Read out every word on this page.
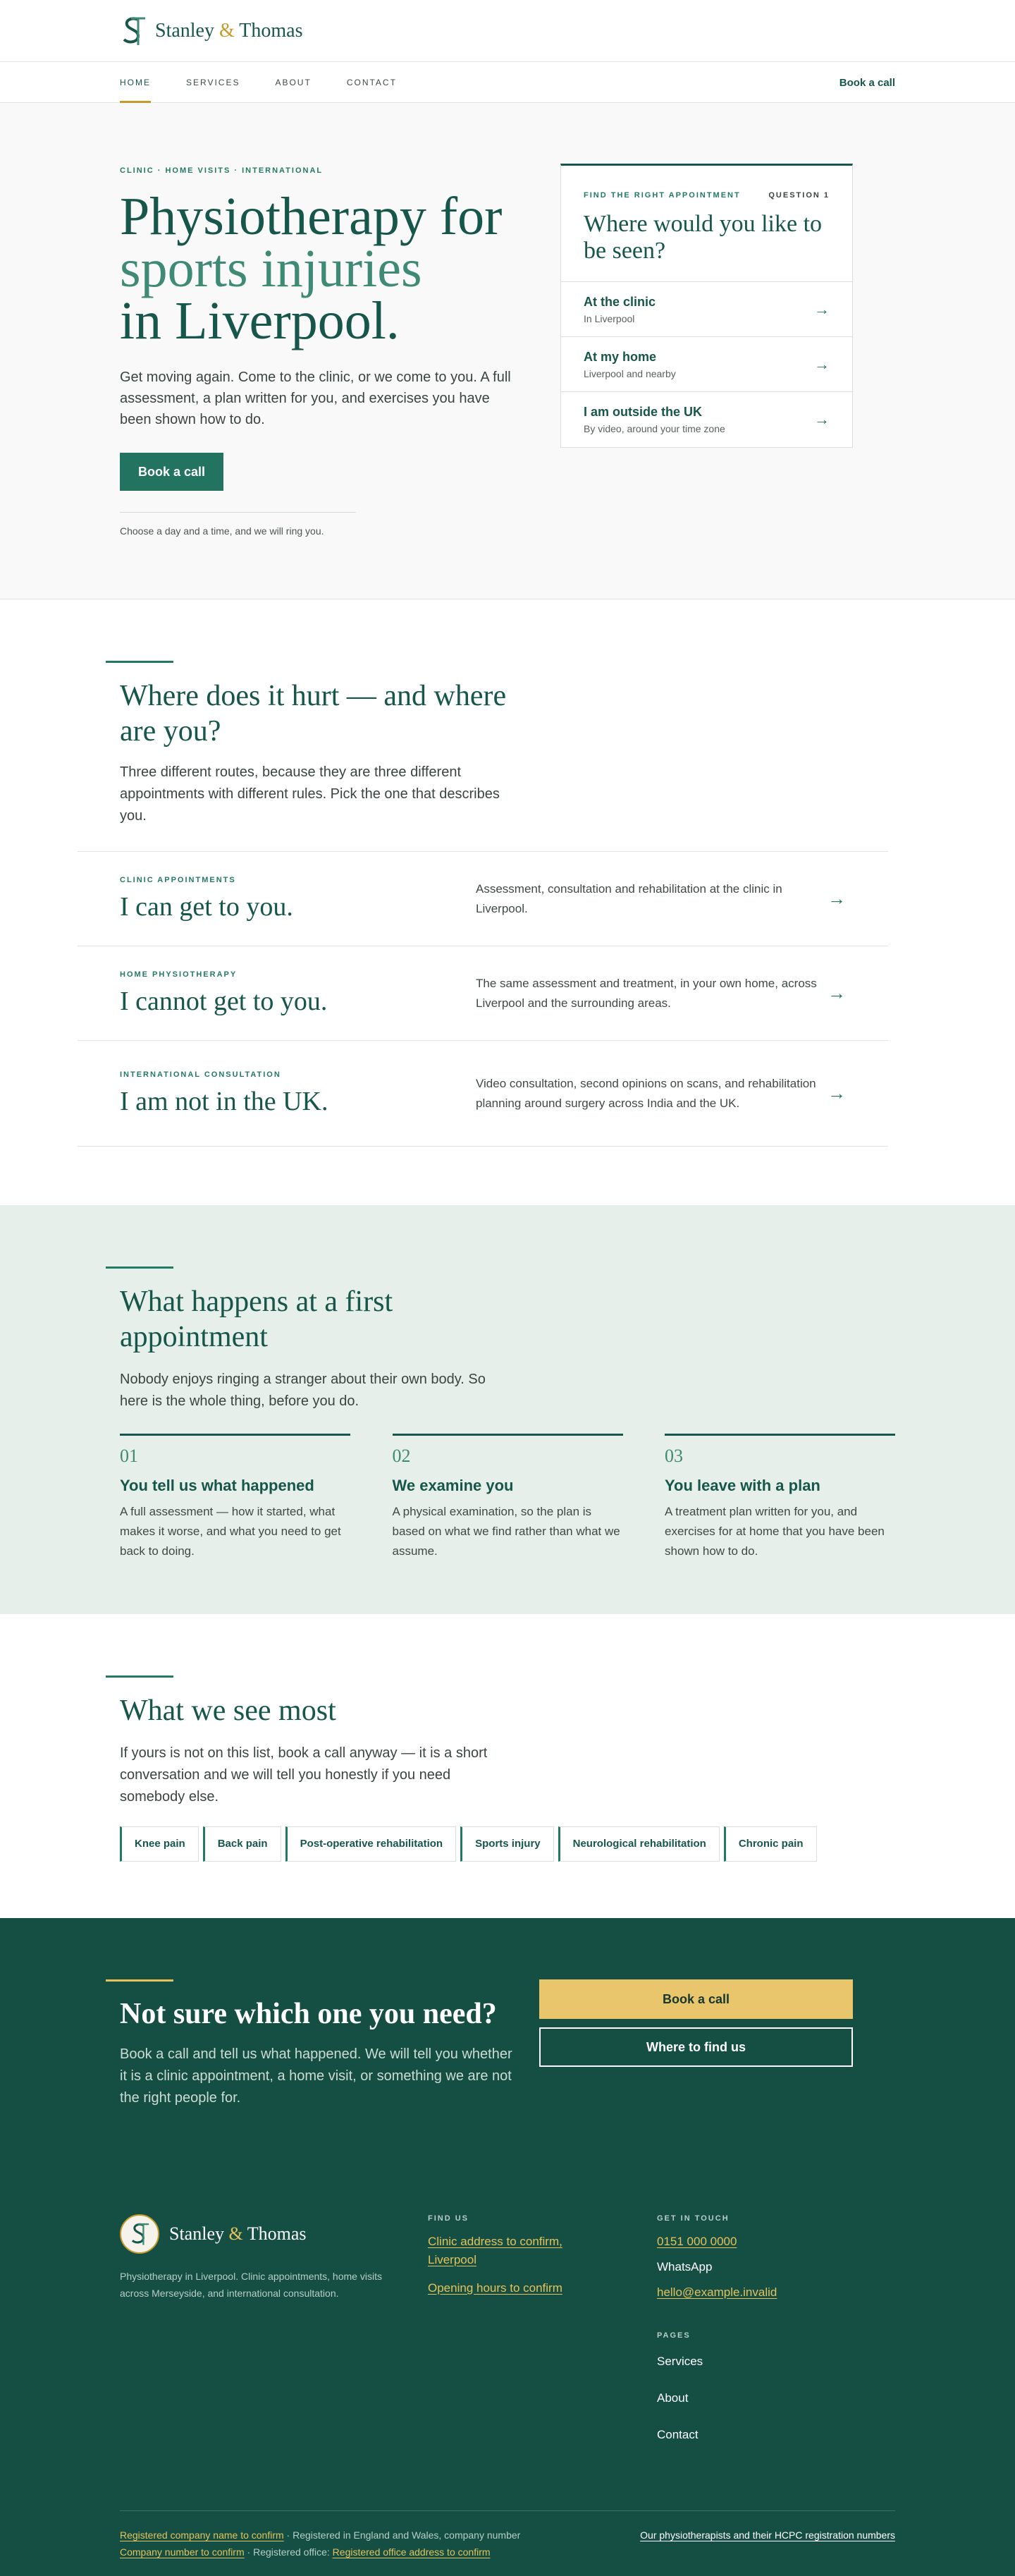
Stanley & Thomas
HOME	SERVICES	ABOUT	CONTACT	Book a call
CLINIC · HOME VISITS · INTERNATIONAL
Physiotherapy for
sports injuries
in Liverpool.

Get moving again. Come to the clinic, or we come to you. A full assessment, a plan written for you, and exercises you have been shown how to do.

Book a call

Choose a day and a time, and we will ring you.

FIND THE RIGHT APPOINTMENT	QUESTION 1
Where would you like to be seen?
At the clinic
In Liverpool
→
At my home
Liverpool and nearby
→
I am outside the UK
By video, around your time zone
→
Where does it hurt — and where are you?

Three different routes, because they are three different appointments with different rules. Pick the one that describes you.

CLINIC APPOINTMENTS
I can get to you.
Assessment, consultation and rehabilitation at the clinic in Liverpool.	→
HOME PHYSIOTHERAPY
I cannot get to you.
The same assessment and treatment, in your own home, across Liverpool and the surrounding areas.	→
INTERNATIONAL CONSULTATION
I am not in the UK.
Video consultation, second opinions on scans, and rehabilitation planning around surgery across India and the UK.	→
What happens at a first appointment

Nobody enjoys ringing a stranger about their own body. So here is the whole thing, before you do.

01
You tell us what happened
A full assessment — how it started, what makes it worse, and what you need to get back to doing.
02
We examine you
A physical examination, so the plan is based on what we find rather than what we assume.
03
You leave with a plan
A treatment plan written for you, and exercises for at home that you have been shown how to do.
What we see most

If yours is not on this list, book a call anyway — it is a short conversation and we will tell you honestly if you need somebody else.

Knee pain	Back pain	Post-operative rehabilitation	Sports injury	Neurological rehabilitation	Chronic pain
Not sure which one you need?

Book a call and tell us what happened. We will tell you whether it is a clinic appointment, a home visit, or something we are not the right people for.

Book a call
Where to find us
Stanley & Thomas

Physiotherapy in Liverpool. Clinic appointments, home visits across Merseyside, and international consultation.

FIND US
Clinic address to confirm, Liverpool
Opening hours to confirm
GET IN TOUCH
0151 000 0000
WhatsApp
hello@example.invalid
PAGES
Services
About
Contact
Registered company name to confirm · Registered in England and Wales, company number
Company number to confirm · Registered office: Registered office address to confirm
Our physiotherapists and their HCPC registration numbers
